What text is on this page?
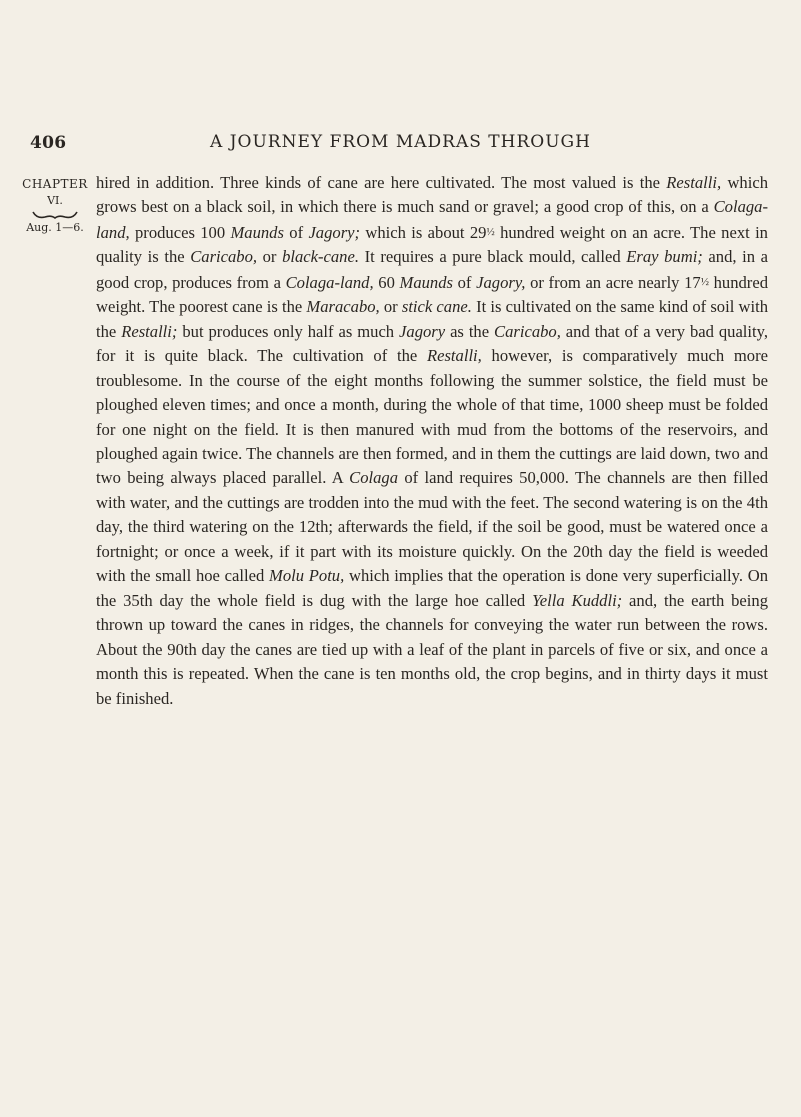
406	A JOURNEY FROM MADRAS THROUGH
CHAPTER
VI.
Aug. 1—6.
hired in addition. Three kinds of cane are here cultivated. The most valued is the Restalli, which grows best on a black soil, in which there is much sand or gravel; a good crop of this, on a Colaga-land, produces 100 Maunds of Jagory; which is about 29½ hundred weight on an acre. The next in quality is the Caricabo, or black-cane. It requires a pure black mould, called Eray bumi; and, in a good crop, produces from a Colaga-land, 60 Maunds of Jagory, or from an acre nearly 17½ hundred weight. The poorest cane is the Maracabo, or stick cane. It is cultivated on the same kind of soil with the Restalli; but produces only half as much Jagory as the Caricabo, and that of a very bad quality, for it is quite black. The cultivation of the Restalli, however, is comparatively much more troublesome. In the course of the eight months following the summer solstice, the field must be ploughed eleven times; and once a month, during the whole of that time, 1000 sheep must be folded for one night on the field. It is then manured with mud from the bottoms of the reservoirs, and ploughed again twice. The channels are then formed, and in them the cuttings are laid down, two and two being always placed parallel. A Colaga of land requires 50,000. The channels are then filled with water, and the cuttings are trodden into the mud with the feet. The second watering is on the 4th day, the third watering on the 12th; afterwards the field, if the soil be good, must be watered once a fortnight; or once a week, if it part with its moisture quickly. On the 20th day the field is weeded with the small hoe called Molu Potu, which implies that the operation is done very superficially. On the 35th day the whole field is dug with the large hoe called Yella Kuddli; and, the earth being thrown up toward the canes in ridges, the channels for conveying the water run between the rows. About the 90th day the canes are tied up with a leaf of the plant in parcels of five or six, and once a month this is repeated. When the cane is ten months old, the crop begins, and in thirty days it must be finished.
